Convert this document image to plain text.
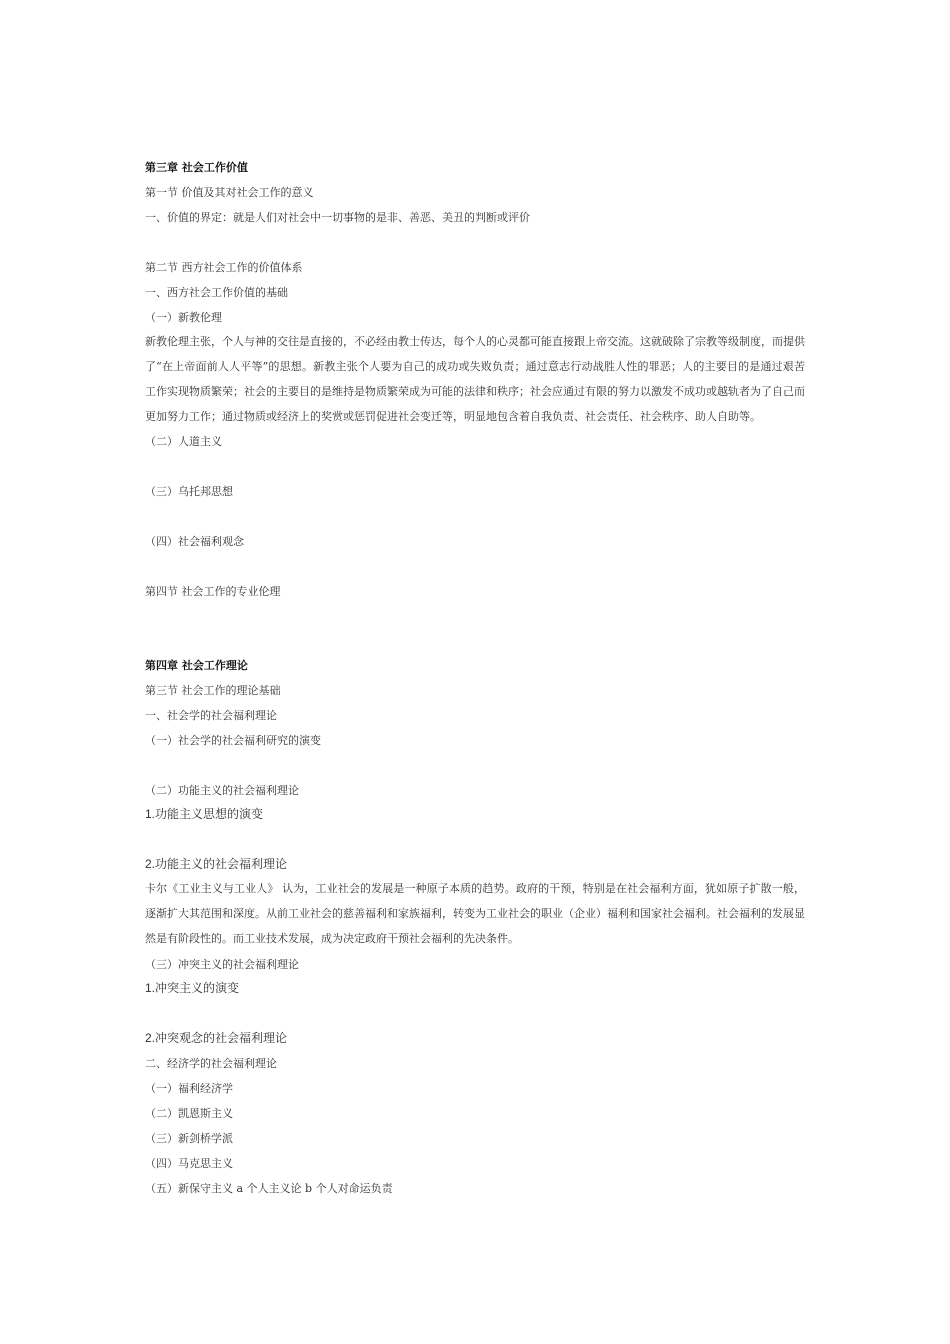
第三章 社会工作价值
第一节 价值及其对社会工作的意义
一、价值的界定：就是人们对社会中一切事物的是非、善恶、美丑的判断或评价
第二节 西方社会工作的价值体系
一、西方社会工作价值的基础
（一）新教伦理
新教伦理主张，个人与神的交往是直接的，不必经由教士传达，每个人的心灵都可能直接跟上帝交流。这就破除了宗教等级制度，而提供了“在上帝面前人人平等”的思想。新教主张个人要为自己的成功或失败负责；通过意志行动战胜人性的罪恶；人的主要目的是通过艰苦工作实现物质繁荣；社会的主要目的是维持是物质繁荣成为可能的法律和秩序；社会应通过有限的努力以激发不成功或越轨者为了自己而更加努力工作；通过物质或经济上的奖赏或惩罚促进社会变迁等，明显地包含着自我负责、社会责任、社会秩序、助人自助等。
（二）人道主义
（三）乌托邦思想
（四）社会福利观念
第四节 社会工作的专业伦理
第四章 社会工作理论
第三节 社会工作的理论基础
一、社会学的社会福利理论
（一）社会学的社会福利研究的演变
（二）功能主义的社会福利理论
1.功能主义思想的演变
2.功能主义的社会福利理论
卡尔《工业主义与工业人》 认为，工业社会的发展是一种原子本质的趋势。政府的干预，特别是在社会福利方面，犹如原子扩散一般，逐渐扩大其范围和深度。从前工业社会的慈善福利和家族福利，转变为工业社会的职业（企业）福利和国家社会福利。社会福利的发展显然是有阶段性的。而工业技术发展，成为决定政府干预社会福利的先决条件。
（三）冲突主义的社会福利理论
1.冲突主义的演变
2.冲突观念的社会福利理论
二、经济学的社会福利理论
（一）福利经济学
（二）凯恩斯主义
（三）新剑桥学派
（四）马克思主义
（五）新保守主义 a 个人主义论 b 个人对命运负责
